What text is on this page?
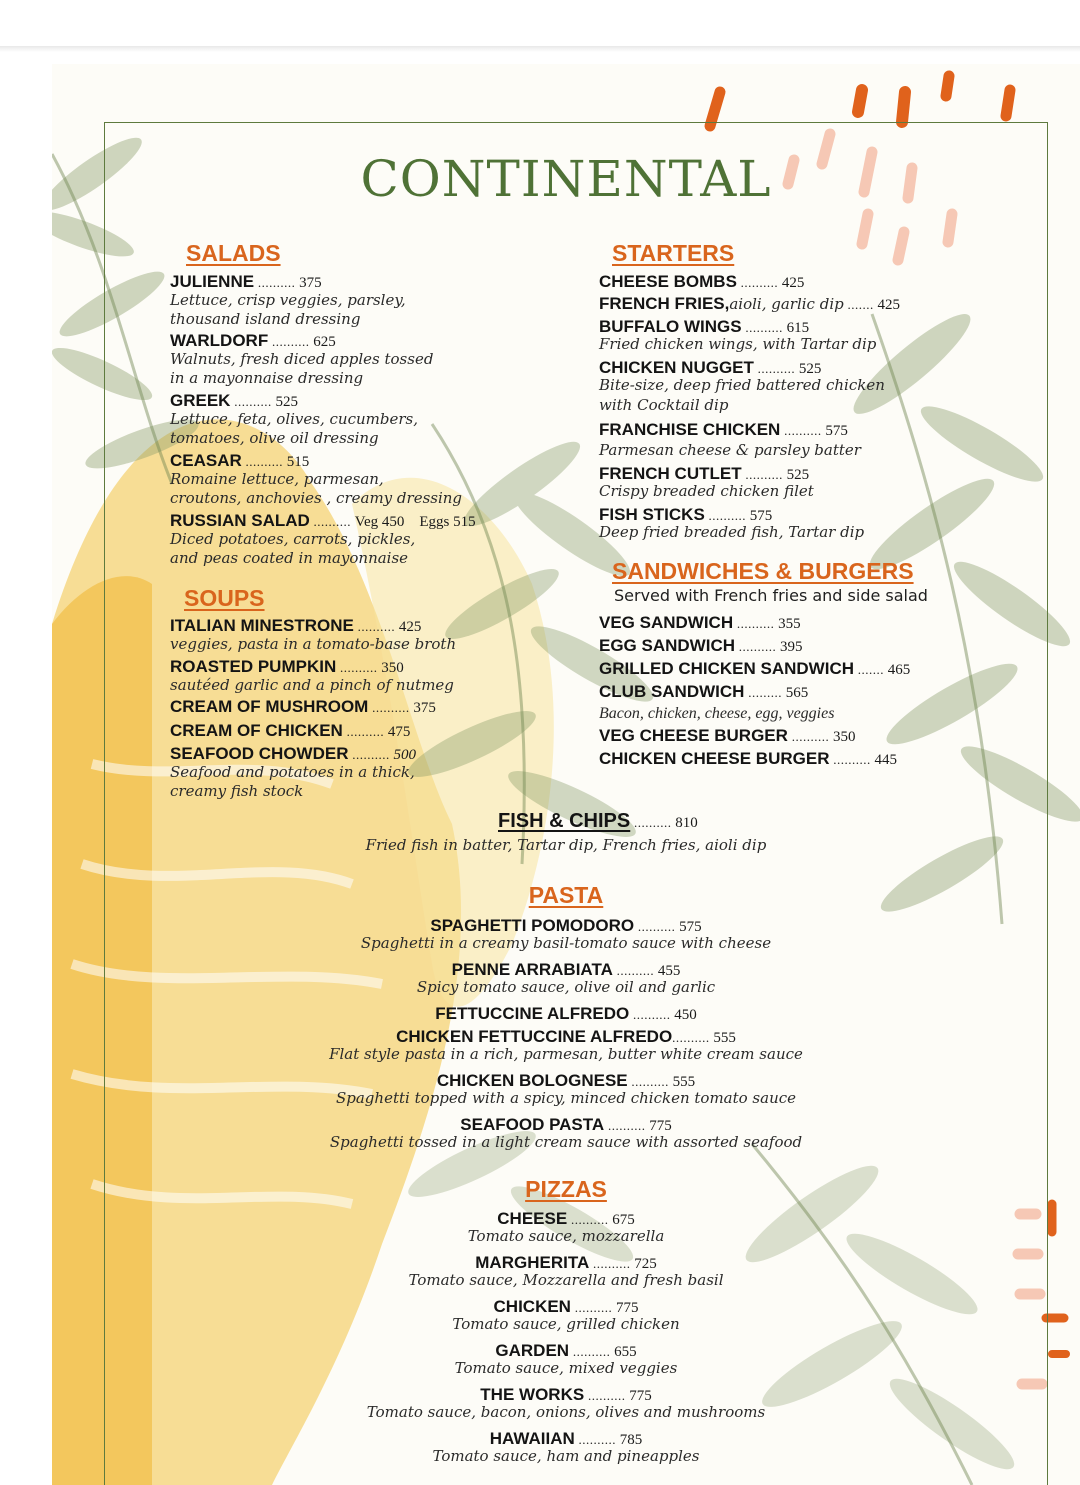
CONTINENTAL
SALADS
JULIENNE .......... 375
Lettuce, crisp veggies, parsley,
thousand island dressing
WARLDORF .......... 625
Walnuts, fresh diced apples tossed
in a mayonnaise dressing
GREEK .......... 525
Lettuce, feta, olives, cucumbers,
tomatoes, olive oil dressing
CEASAR .......... 515
Romaine lettuce, parmesan,
croutons, anchovies , creamy dressing
RUSSIAN SALAD .......... Veg 450 Eggs 515
Diced potatoes, carrots, pickles,
and peas coated in mayonnaise
SOUPS
ITALIAN MINESTRONE .......... 425
veggies, pasta in a tomato-base broth
ROASTED PUMPKIN .......... 350
sautéed garlic and a pinch of nutmeg
CREAM OF MUSHROOM .......... 375
CREAM OF CHICKEN .......... 475
SEAFOOD CHOWDER .......... 500
Seafood and potatoes in a thick,
creamy fish stock
STARTERS
CHEESE BOMBS .......... 425
FRENCH FRIES,aioli, garlic dip ....... 425
BUFFALO WINGS .......... 615
Fried chicken wings, with Tartar dip
CHICKEN NUGGET .......... 525
Bite-size, deep fried battered chicken
with Cocktail dip
FRANCHISE CHICKEN .......... 575
Parmesan cheese & parsley batter
FRENCH CUTLET .......... 525
Crispy breaded chicken filet
FISH STICKS .......... 575
Deep fried breaded fish, Tartar dip
SANDWICHES & BURGERS
Served with French fries and side salad
VEG SANDWICH .......... 355
EGG SANDWICH .......... 395
GRILLED CHICKEN SANDWICH ....... 465
CLUB SANDWICH ......... 565
Bacon, chicken, cheese, egg, veggies
VEG CHEESE BURGER .......... 350
CHICKEN CHEESE BURGER .......... 445
FISH & CHIPS .......... 810
Fried fish in batter, Tartar dip, French fries, aioli dip
PASTA
SPAGHETTI POMODORO .......... 575
Spaghetti in a creamy basil-tomato sauce with cheese
PENNE ARRABIATA .......... 455
Spicy tomato sauce, olive oil and garlic
FETTUCCINE ALFREDO .......... 450
CHICKEN FETTUCCINE ALFREDO.......... 555
Flat style pasta in a rich, parmesan, butter white cream sauce
CHICKEN BOLOGNESE .......... 555
Spaghetti topped with a spicy, minced chicken tomato sauce
SEAFOOD PASTA .......... 775
Spaghetti tossed in a light cream sauce with assorted seafood
PIZZAS
CHEESE .......... 675
Tomato sauce, mozzarella
MARGHERITA .......... 725
Tomato sauce, Mozzarella and fresh basil
CHICKEN .......... 775
Tomato sauce, grilled chicken
GARDEN .......... 655
Tomato sauce, mixed veggies
THE WORKS .......... 775
Tomato sauce, bacon, onions, olives and mushrooms
HAWAIIAN .......... 785
Tomato sauce, ham and pineapples
